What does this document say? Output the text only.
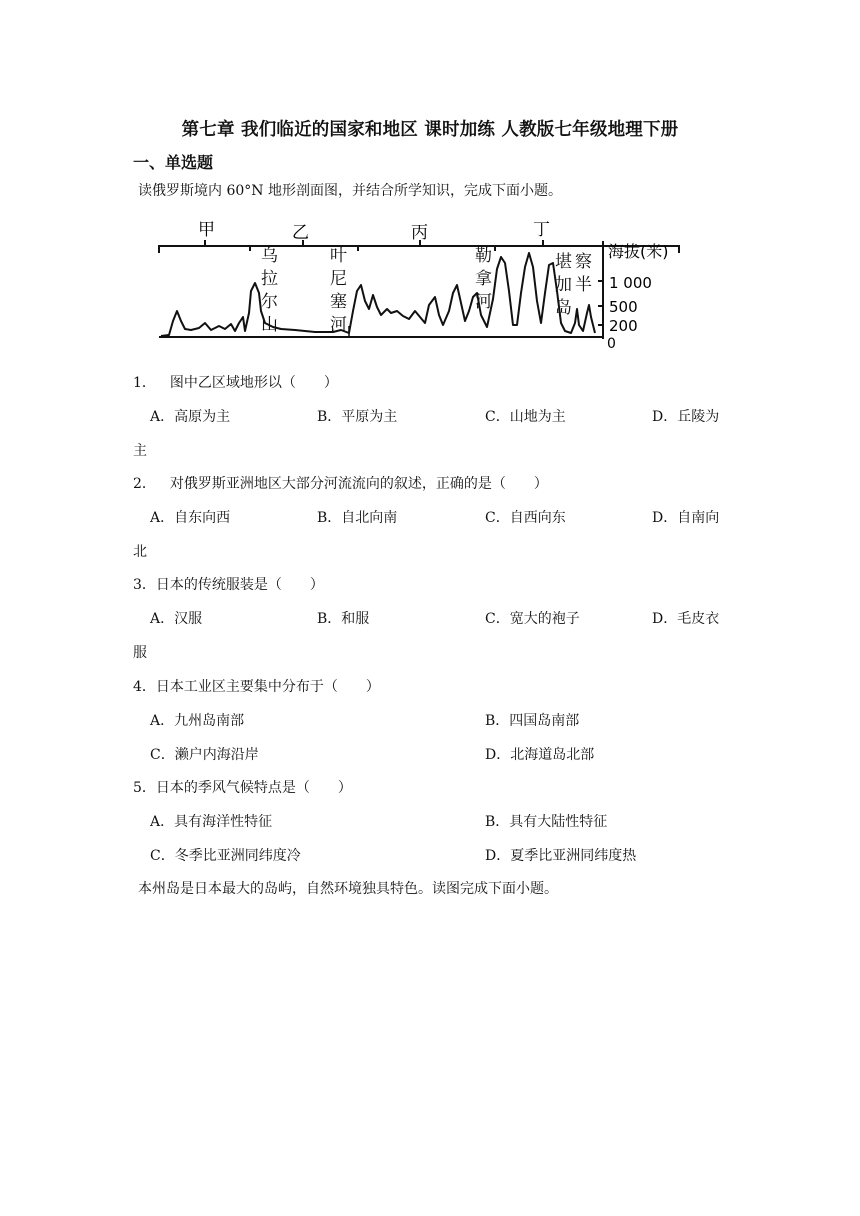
第七章 我们临近的国家和地区 课时加练 人教版七年级地理下册
一、单选题
读俄罗斯境内 60°N 地形剖面图，并结合所学知识，完成下面小题。
甲	乙	丙	丁
乌
拉
尔
山
叶
尼
塞
河
勒
拿
河
堪
加
岛
察
半
海拔(米)
1 000
500
200
0
1． 图中乙区域地形以（　　）
A．高原为主	B．平原为主	C．山地为主	D．丘陵为
主
2． 对俄罗斯亚洲地区大部分河流流向的叙述，正确的是（　　）
A．自东向西	B．自北向南	C．自西向东	D．自南向
北
3．日本的传统服装是（　　）
A．汉服	B．和服	C．宽大的袍子	D．毛皮衣
服
4．日本工业区主要集中分布于（　　）
A．九州岛南部	B．四国岛南部
C．濑户内海沿岸	D．北海道岛北部
5．日本的季风气候特点是（　　）
A．具有海洋性特征	B．具有大陆性特征
C．冬季比亚洲同纬度冷	D．夏季比亚洲同纬度热
本州岛是日本最大的岛屿，自然环境独具特色。读图完成下面小题。
